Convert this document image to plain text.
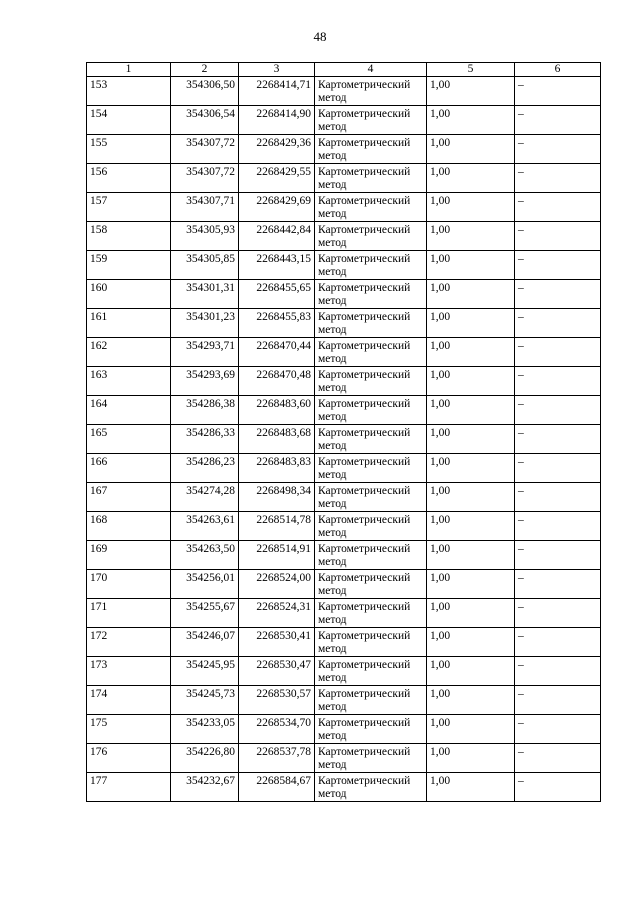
48
1	2	3	4	5	6
153	354306,50	2268414,71	Картометрический метод	1,00	–
154	354306,54	2268414,90	Картометрический метод	1,00	–
155	354307,72	2268429,36	Картометрический метод	1,00	–
156	354307,72	2268429,55	Картометрический метод	1,00	–
157	354307,71	2268429,69	Картометрический метод	1,00	–
158	354305,93	2268442,84	Картометрический метод	1,00	–
159	354305,85	2268443,15	Картометрический метод	1,00	–
160	354301,31	2268455,65	Картометрический метод	1,00	–
161	354301,23	2268455,83	Картометрический метод	1,00	–
162	354293,71	2268470,44	Картометрический метод	1,00	–
163	354293,69	2268470,48	Картометрический метод	1,00	–
164	354286,38	2268483,60	Картометрический метод	1,00	–
165	354286,33	2268483,68	Картометрический метод	1,00	–
166	354286,23	2268483,83	Картометрический метод	1,00	–
167	354274,28	2268498,34	Картометрический метод	1,00	–
168	354263,61	2268514,78	Картометрический метод	1,00	–
169	354263,50	2268514,91	Картометрический метод	1,00	–
170	354256,01	2268524,00	Картометрический метод	1,00	–
171	354255,67	2268524,31	Картометрический метод	1,00	–
172	354246,07	2268530,41	Картометрический метод	1,00	–
173	354245,95	2268530,47	Картометрический метод	1,00	–
174	354245,73	2268530,57	Картометрический метод	1,00	–
175	354233,05	2268534,70	Картометрический метод	1,00	–
176	354226,80	2268537,78	Картометрический метод	1,00	–
177	354232,67	2268584,67	Картометрический метод	1,00	–
